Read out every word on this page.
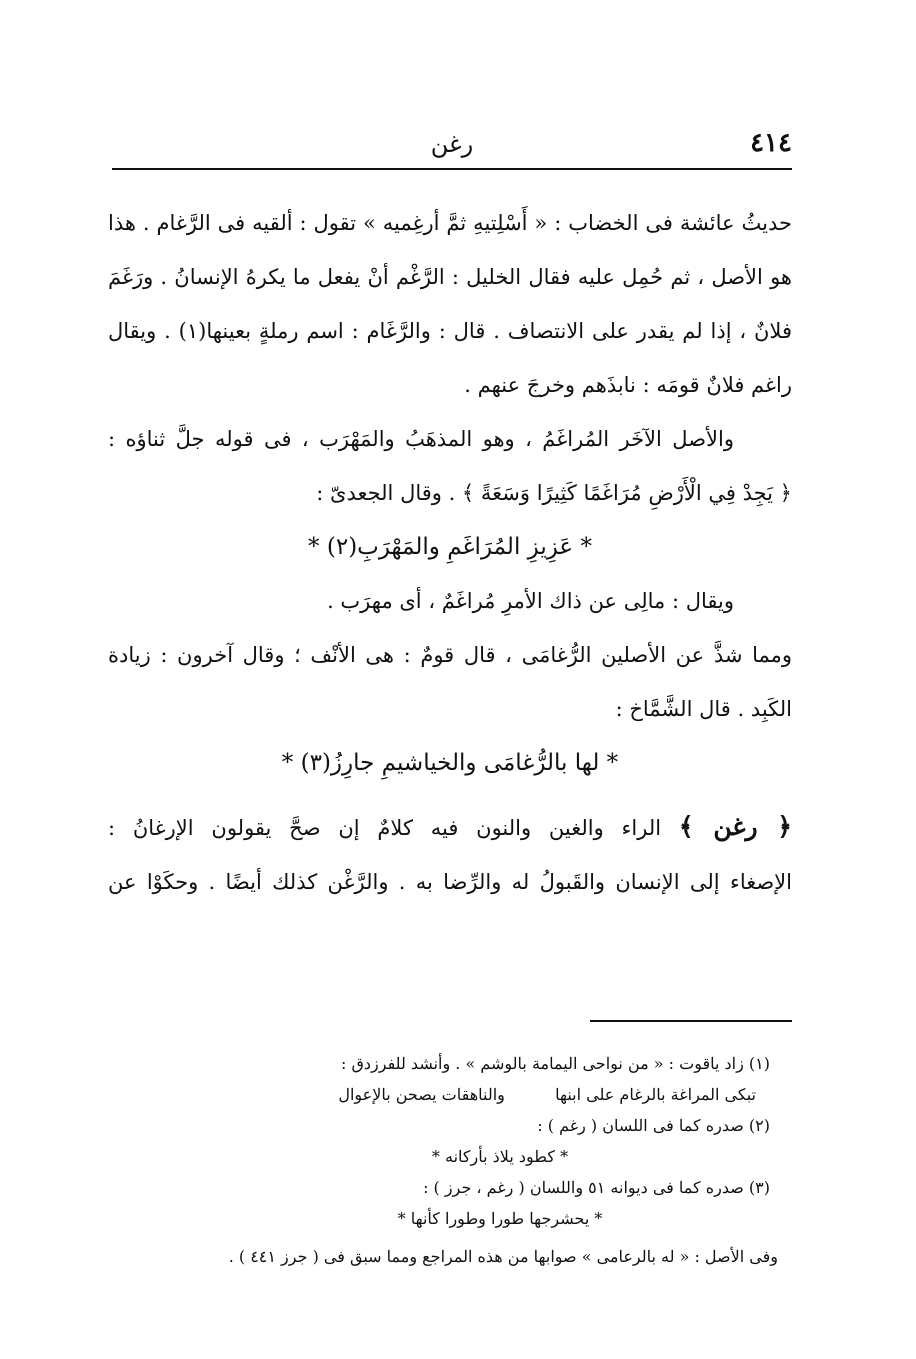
٤١٤
رغن
حديثُ عائشة فى الخضاب : « أَسْلِتيهِ ثمَّ أرغِميه » تقول : ألقيه فى الرَّغام . هذا
هو الأصل ، ثم حُمِل عليه فقال الخليل : الرَّغْم أنْ يفعل ما يكرهُ الإنسانُ . ورَغَمَ
فلانٌ ، إذا لم يقدر على الانتصاف . قال : والرَّغَام : اسم رملةٍ بعينها(١) . ويقال
راغم فلانٌ قومَه : نابذَهم وخرجَ عنهم .
والأصل الآخَر المُراغَمُ ، وهو المذهَبُ والمَهْرَب ، فى قوله جلَّ ثناؤه :
﴿ يَجِدْ فِي الْأَرْضِ مُرَاغَمًا كَثِيرًا وَسَعَةً ﴾ . وقال الجعدىّ :
* عَزِيزِ المُرَاغَمِ والمَهْرَبِ(٢) *
ويقال : مالِى عن ذاك الأمرِ مُراغَمٌ ، أى مهرَب .
ومما شذَّ عن الأصلين الرُّغامَى ، قال قومٌ : هى الأنْف ؛ وقال آخرون : زيادة
الكَبِد . قال الشَّمَّاخ :
* لها بالرُّغامَى والخياشيمِ جارِزُ(٣) *
﴿ رغن ﴾ الراء والغين والنون فيه كلامٌ إن صحَّ يقولون الإرغانُ :
الإصغاء إلى الإنسان والقَبولُ له والرِّضا به . والرَّغْن كذلك أيضًا . وحكَوْا عن
(١) زاد ياقوت : « من نواحى اليمامة بالوشم » . وأنشد للفرزدق :
تبكى المراغة بالرغام على ابنها  والناهقات يصحن بالإعوال
(٢) صدره كما فى اللسان ( رغم ) :
* كطود يلاذ بأركانه *
(٣) صدره كما فى ديوانه ٥١ واللسان ( رغم ، جرز ) :
* يحشرجها طورا وطورا كأنها *
وفى الأصل : « له بالرعامى » صوابها من هذه المراجع ومما سبق فى ( جرز ٤٤١ ) .
